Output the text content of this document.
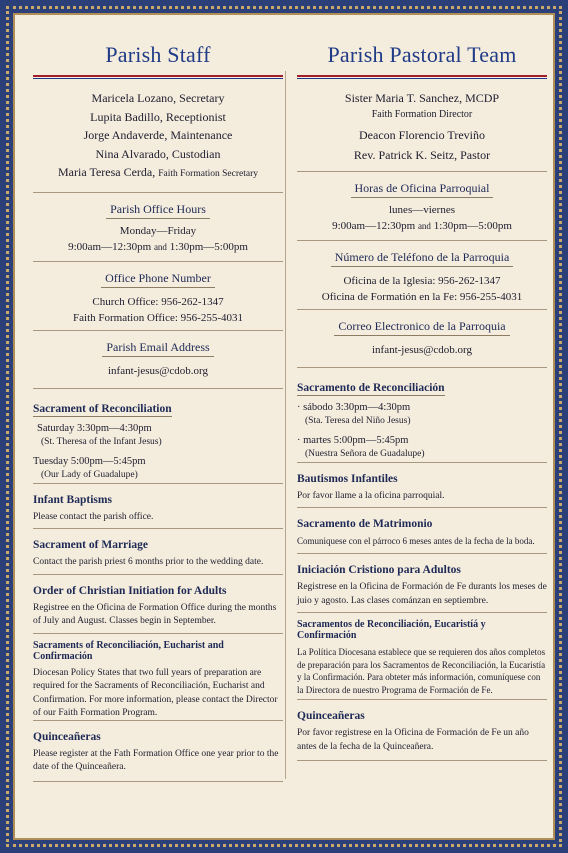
Parish Staff
Maricela Lozano, Secretary
Lupita Badillo, Receptionist
Jorge Andaverde, Maintenance
Nina Alvarado, Custodian
Maria Teresa Cerda, Faith Formation Secretary
Parish Office Hours
Monday—Friday
9:00am—12:30pm and 1:30pm—5:00pm
Office Phone Number
Church Office: 956-262-1347
Faith Formation Office: 956-255-4031
Parish Email Address
infant-jesus@cdob.org
Sacrament of Reconciliation
Saturday 3:30pm—4:30pm
(St. Theresa of the Infant Jesus)
Tuesday 5:00pm—5:45pm
(Our Lady of Guadalupe)
Infant Baptisms
Please contact the parish office.
Sacrament of Marriage
Contact the parish priest 6 months prior to the wedding date.
Order of Christian Initiation for Adults
Registree en the Oficina de Formation Office during the months of July and August. Classes begin in September.
Sacraments of Reconciliación, Eucharist and Confirmación
Diocesan Policy States that two full years of preparation are required for the Sacraments of Reconciliación, Eucharist and Confirmation. For more information, please contact the Director of our Faith Formation Program.
Quinceañeras
Please register at the Fath Formation Office one year prior to the date of the Quinceañera.
Parish Pastoral Team
Sister Maria T. Sanchez, MCDP
Faith Formation Director
Deacon Florencio Treviño
Rev. Patrick K. Seitz, Pastor
Horas de Oficina Parroquial
lunes—viernes
9:00am—12:30pm and 1:30pm—5:00pm
Número de Teléfono de la Parroquia
Oficina de la Iglesia: 956-262-1347
Oficina de Formatión en la Fe: 956-255-4031
Correo Electronico de la Parroquia
infant-jesus@cdob.org
Sacramento de Reconciliación
· sábodo 3:30pm—4:30pm
(Sta. Teresa del Niño Jesus)
· martes 5:00pm—5:45pm
(Nuestra Señora de Guadalupe)
Bautismos Infantiles
Por favor llame a la oficina parroquial.
Sacramento de Matrimonio
Comuniquese con el párroco 6 meses antes de la fecha de la boda.
Iniciación Cristiono para Adultos
Registrese en la Oficina de Formación de Fe durants los meses de juio y agosto. Las clases cománzan en septiembre.
Sacramentos de Reconciliación, Eucaristíá y Confirmación
La Política Diocesana establece que se requieren dos años completos de preparación para los Sacramentos de Reconciliación, la Eucaristía y la Confirmación. Para obteter más información, comuníquese con la Directora de nuestro Programa de Formación de Fe.
Quinceañeras
Por favor registrese en la Oficina de Formación de Fe un año antes de la fecha de la Quinceañera.
